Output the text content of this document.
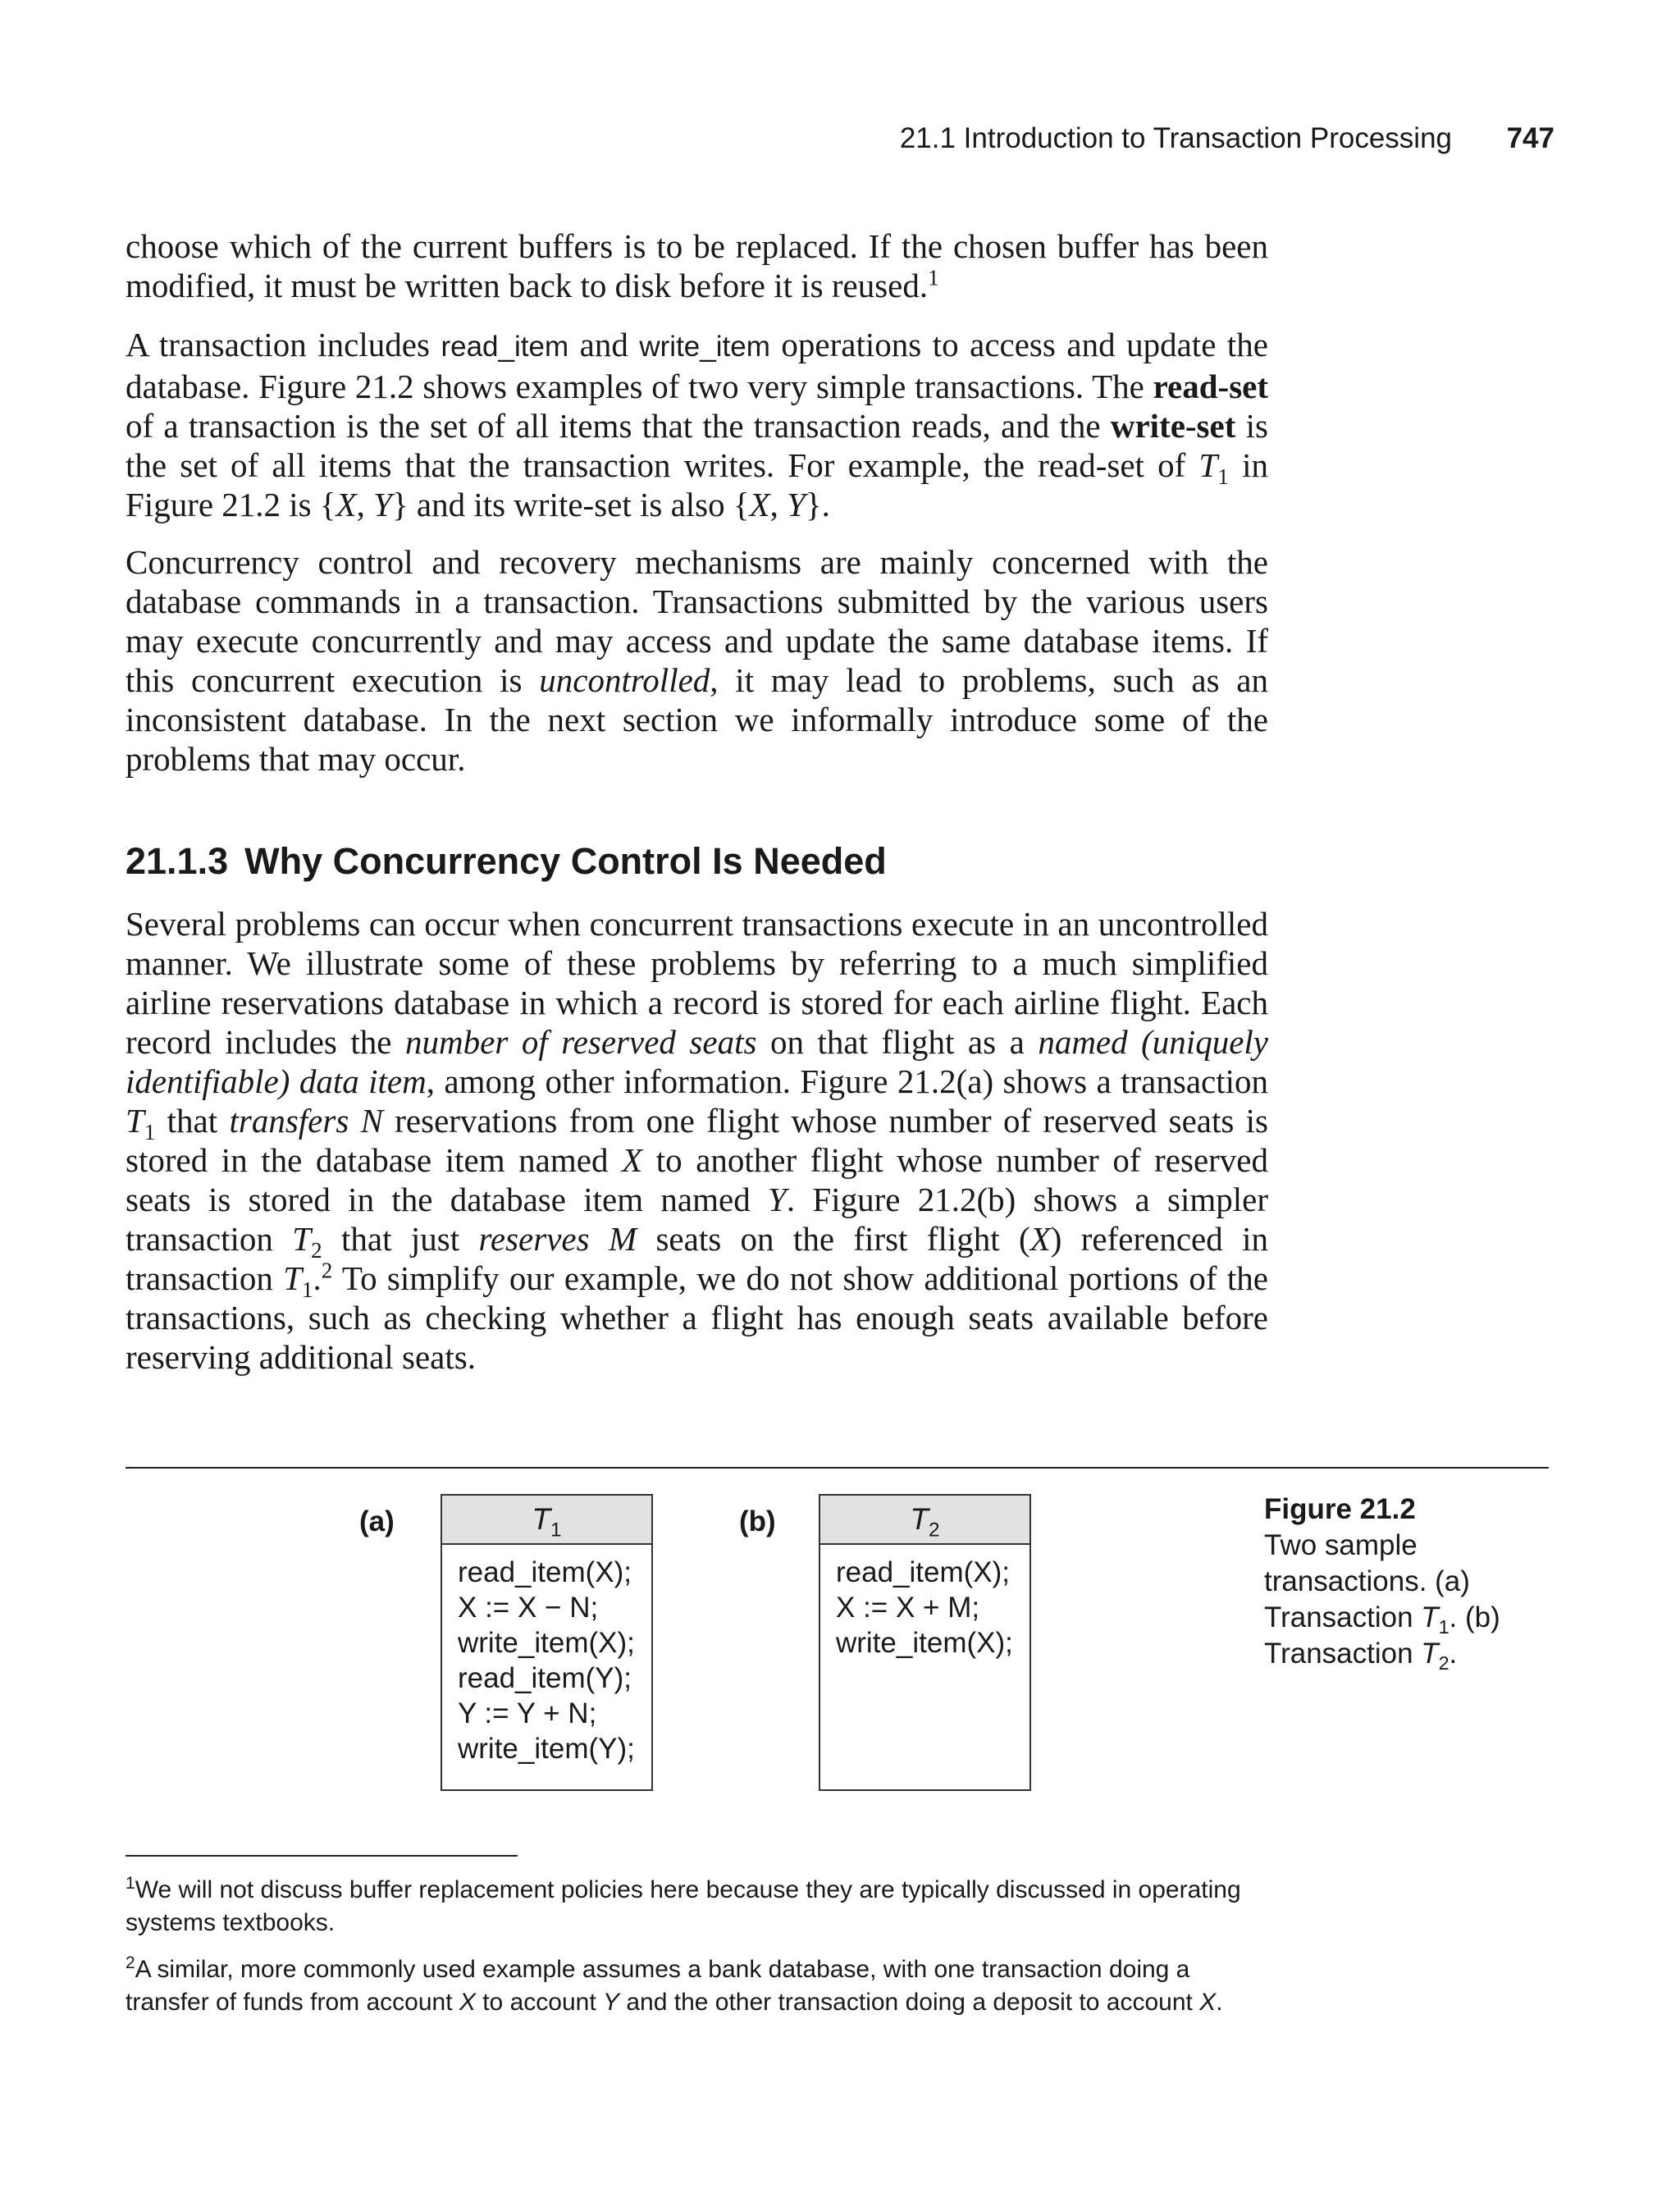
21.1 Introduction to Transaction Processing 747

choose which of the current buffers is to be replaced. If the chosen buffer has been modified, it must be written back to disk before it is reused.$^1$

A transaction includes read_item and write_item operations to access and update the database. Figure 21.2 shows examples of two very simple transactions. The read-set of a transaction is the set of all items that the transaction reads, and the write-set is the set of all items that the transaction writes. For example, the read-set of $T_1$ in Figure 21.2 is {X, Y} and its write-set is also {X, Y}.

Concurrency control and recovery mechanisms are mainly concerned with the database commands in a transaction. Transactions submitted by the various users may execute concurrently and may access and update the same database items. If this concurrent execution is uncontrolled, it may lead to problems, such as an inconsistent database. In the next section we informally introduce some of the problems that may occur.

21.1.3 Why Concurrency Control Is Needed

Several problems can occur when concurrent transactions execute in an uncontrolled manner. We illustrate some of these problems by referring to a much simplified airline reservations database in which a record is stored for each airline flight. Each record includes the number of reserved seats on that flight as a named (uniquely identifiable) data item, among other information. Figure 21.2(a) shows a transaction $T_1$ that transfers N reservations from one flight whose number of reserved seats is stored in the database item named X to another flight whose number of reserved seats is stored in the database item named Y. Figure 21.2(b) shows a simpler transaction $T_2$ that just reserves M seats on the first flight (X) referenced in transaction $T_1.^2$ To simplify our example, we do not show additional portions of the transactions, such as checking whether a flight has enough seats available before reserving additional seats.

(a)	$T_1$
read_item(X);
X := X − N;
write_item(X);
read_item(Y);
Y := Y + N;
write_item(Y);
(b)	$T_2$
read_item(X);
X := X + M;
write_item(X);
Figure 21.2
Two sample transactions. (a) Transaction $T_1$. (b) Transaction $T_2$.

$^1$We will not discuss buffer replacement policies here because they are typically discussed in operating systems textbooks.

$^2$A similar, more commonly used example assumes a bank database, with one transaction doing a transfer of funds from account X to account Y and the other transaction doing a deposit to account X.
